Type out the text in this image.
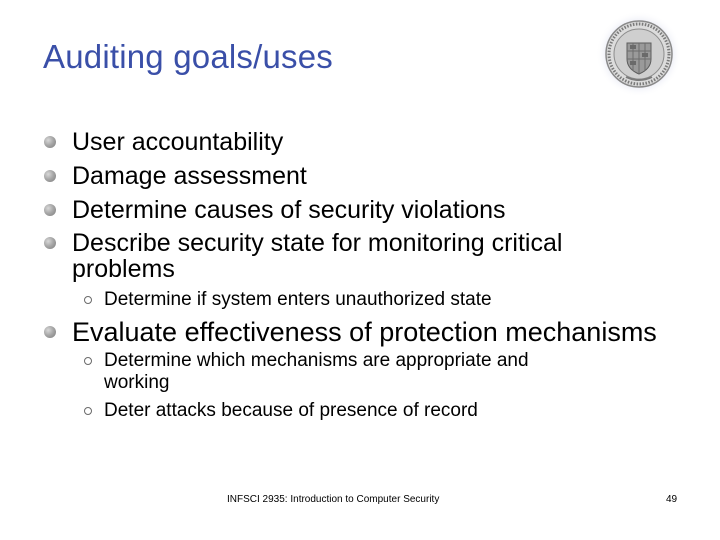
Auditing goals/uses
User accountability
Damage assessment
Determine causes of security violations
Describe security state for monitoring critical
problems
Determine if system enters unauthorized state
Evaluate effectiveness of protection mechanisms
Determine which mechanisms are appropriate and
working
Deter attacks because of presence of record
INFSCI 2935: Introduction to Computer Security	49
